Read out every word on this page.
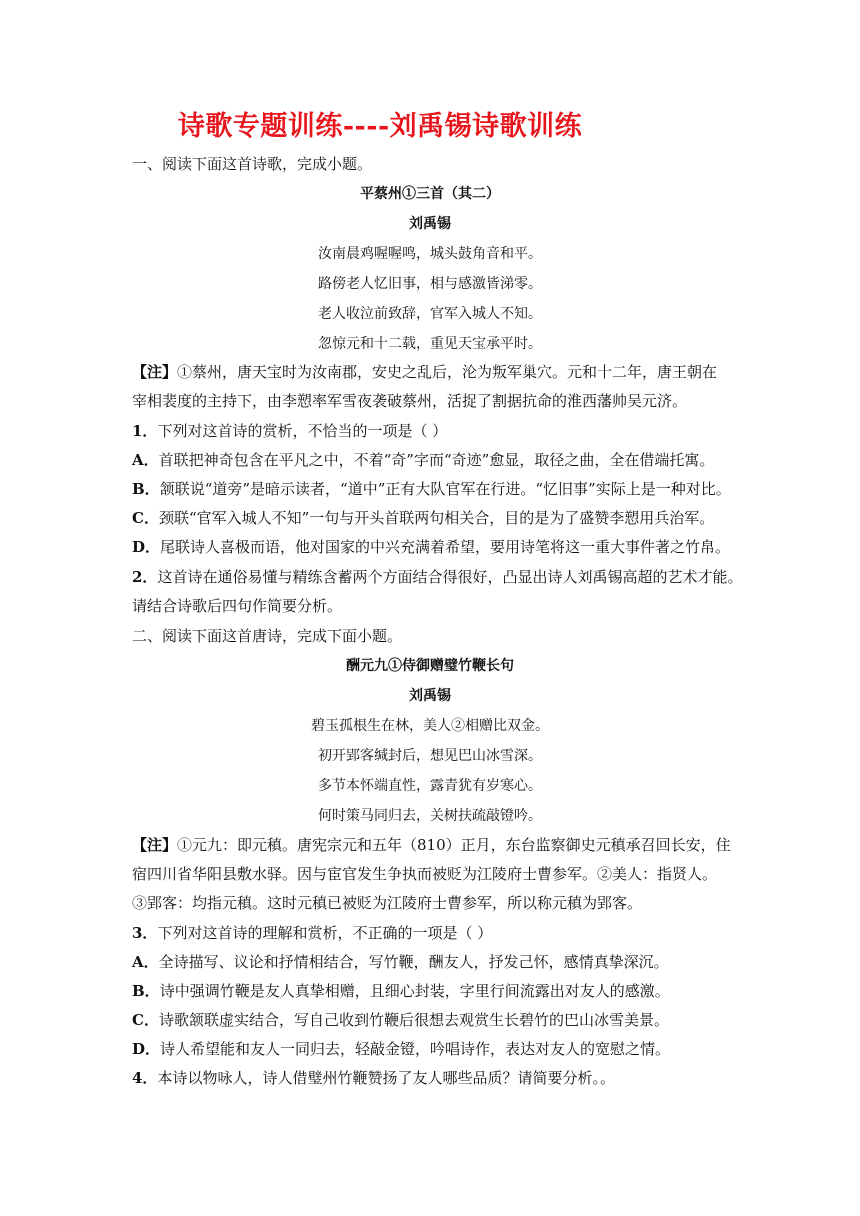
诗歌专题训练----刘禹锡诗歌训练
一、阅读下面这首诗歌，完成小题。
平蔡州①三首（其二）
刘禹锡
汝南晨鸡喔喔鸣，城头鼓角音和平。
路傍老人忆旧事，相与感激皆涕零。
老人收泣前致辞，官军入城人不知。
忽惊元和十二载，重见天宝承平时。
【注】①蔡州，唐天宝时为汝南郡，安史之乱后，沦为叛军巢穴。元和十二年，唐王朝在
宰相裴度的主持下，由李愬率军雪夜袭破蔡州，活捉了割据抗命的淮西藩帅吴元济。
1．下列对这首诗的赏析，不恰当的一项是（ ）
A．首联把神奇包含在平凡之中，不着“奇”字而“奇迹”愈显，取径之曲，全在借端托寓。
B．颔联说“道旁”是暗示读者，“道中”正有大队官军在行进。“忆旧事”实际上是一种对比。
C．颈联“官军入城人不知”一句与开头首联两句相关合，目的是为了盛赞李愬用兵治军。
D．尾联诗人喜极而语，他对国家的中兴充满着希望，要用诗笔将这一重大事件著之竹帛。
2．这首诗在通俗易懂与精练含蓄两个方面结合得很好，凸显出诗人刘禹锡高超的艺术才能。
请结合诗歌后四句作简要分析。
二、阅读下面这首唐诗，完成下面小题。
酬元九①侍御赠璧竹鞭长句
刘禹锡
碧玉孤根生在林，美人②相赠比双金。
初开郢客缄封后，想见巴山冰雪深。
多节本怀端直性，露青犹有岁寒心。
何时策马同归去，关树扶疏敲镫吟。
【注】①元九：即元稹。唐宪宗元和五年（810）正月，东台监察御史元稹承召回长安，住
宿四川省华阳县敷水驿。因与宦官发生争执而被贬为江陵府士曹参军。②美人：指贤人。
③郢客：均指元稹。这时元稹已被贬为江陵府士曹参军，所以称元稹为郢客。
3．下列对这首诗的理解和赏析，不正确的一项是（ ）
A．全诗描写、议论和抒情相结合，写竹鞭，酬友人，抒发己怀，感情真挚深沉。
B．诗中强调竹鞭是友人真挚相赠，且细心封装，字里行间流露出对友人的感激。
C．诗歌颔联虚实结合，写自己收到竹鞭后很想去观赏生长碧竹的巴山冰雪美景。
D．诗人希望能和友人一同归去，轻敲金镫，吟唱诗作，表达对友人的宽慰之情。
4．本诗以物咏人，诗人借璧州竹鞭赞扬了友人哪些品质？请简要分析。。
